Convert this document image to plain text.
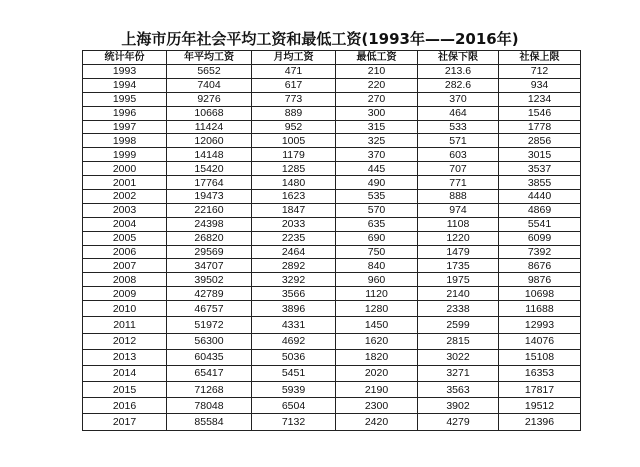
上海市历年社会平均工资和最低工资(1993年——2016年)
统计年份	年平均工资	月均工资	最低工资	社保下限	社保上限
1993	5652	471	210	213.6	712
1994	7404	617	220	282.6	934
1995	9276	773	270	370	1234
1996	10668	889	300	464	1546
1997	11424	952	315	533	1778
1998	12060	1005	325	571	2856
1999	14148	1179	370	603	3015
2000	15420	1285	445	707	3537
2001	17764	1480	490	771	3855
2002	19473	1623	535	888	4440
2003	22160	1847	570	974	4869
2004	24398	2033	635	1108	5541
2005	26820	2235	690	1220	6099
2006	29569	2464	750	1479	7392
2007	34707	2892	840	1735	8676
2008	39502	3292	960	1975	9876
2009	42789	3566	1120	2140	10698
2010	46757	3896	1280	2338	11688
2011	51972	4331	1450	2599	12993
2012	56300	4692	1620	2815	14076
2013	60435	5036	1820	3022	15108
2014	65417	5451	2020	3271	16353
2015	71268	5939	2190	3563	17817
2016	78048	6504	2300	3902	19512
2017	85584	7132	2420	4279	21396
